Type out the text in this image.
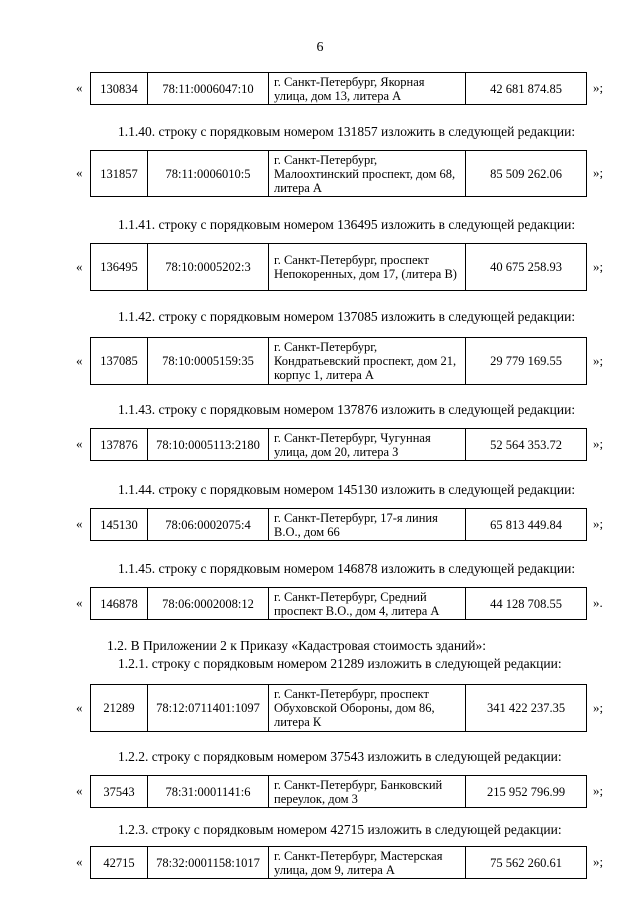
6
« 130834	78:11:0006047:10	г. Санкт-Петербург, Якорная улица, дом 13, литера А	42 681 874.85 »;
1.1.40. строку с порядковым номером 131857 изложить в следующей редакции:
« 131857	78:11:0006010:5	г. Санкт-Петербург, Малоохтинский проспект, дом 68, литера А	85 509 262.06 »;
1.1.41. строку с порядковым номером 136495 изложить в следующей редакции:
« 136495	78:10:0005202:3	г. Санкт-Петербург, проспект Непокоренных, дом 17, (литера В)	40 675 258.93 »;
1.1.42. строку с порядковым номером 137085 изложить в следующей редакции:
« 137085	78:10:0005159:35	г. Санкт-Петербург, Кондратьевский проспект, дом 21, корпус 1, литера А	29 779 169.55 »;
1.1.43. строку с порядковым номером 137876 изложить в следующей редакции:
« 137876	78:10:0005113:2180	г. Санкт-Петербург, Чугунная улица, дом 20, литера З	52 564 353.72 »;
1.1.44. строку с порядковым номером 145130 изложить в следующей редакции:
« 145130	78:06:0002075:4	г. Санкт-Петербург, 17-я линия В.О., дом 66	65 813 449.84 »;
1.1.45. строку с порядковым номером 146878 изложить в следующей редакции:
« 146878	78:06:0002008:12	г. Санкт-Петербург, Средний проспект В.О., дом 4, литера А	44 128 708.55 ».
1.2. В Приложении 2 к Приказу «Кадастровая стоимость зданий»:
1.2.1. строку с порядковым номером 21289 изложить в следующей редакции:
« 21289	78:12:0711401:1097	г. Санкт-Петербург, проспект Обуховской Обороны, дом 86, литера К	341 422 237.35 »;
1.2.2. строку с порядковым номером 37543 изложить в следующей редакции:
« 37543	78:31:0001141:6	г. Санкт-Петербург, Банковский переулок, дом 3	215 952 796.99 »;
1.2.3. строку с порядковым номером 42715 изложить в следующей редакции:
« 42715	78:32:0001158:1017	г. Санкт-Петербург, Мастерская улица, дом 9, литера А	75 562 260.61 »;
